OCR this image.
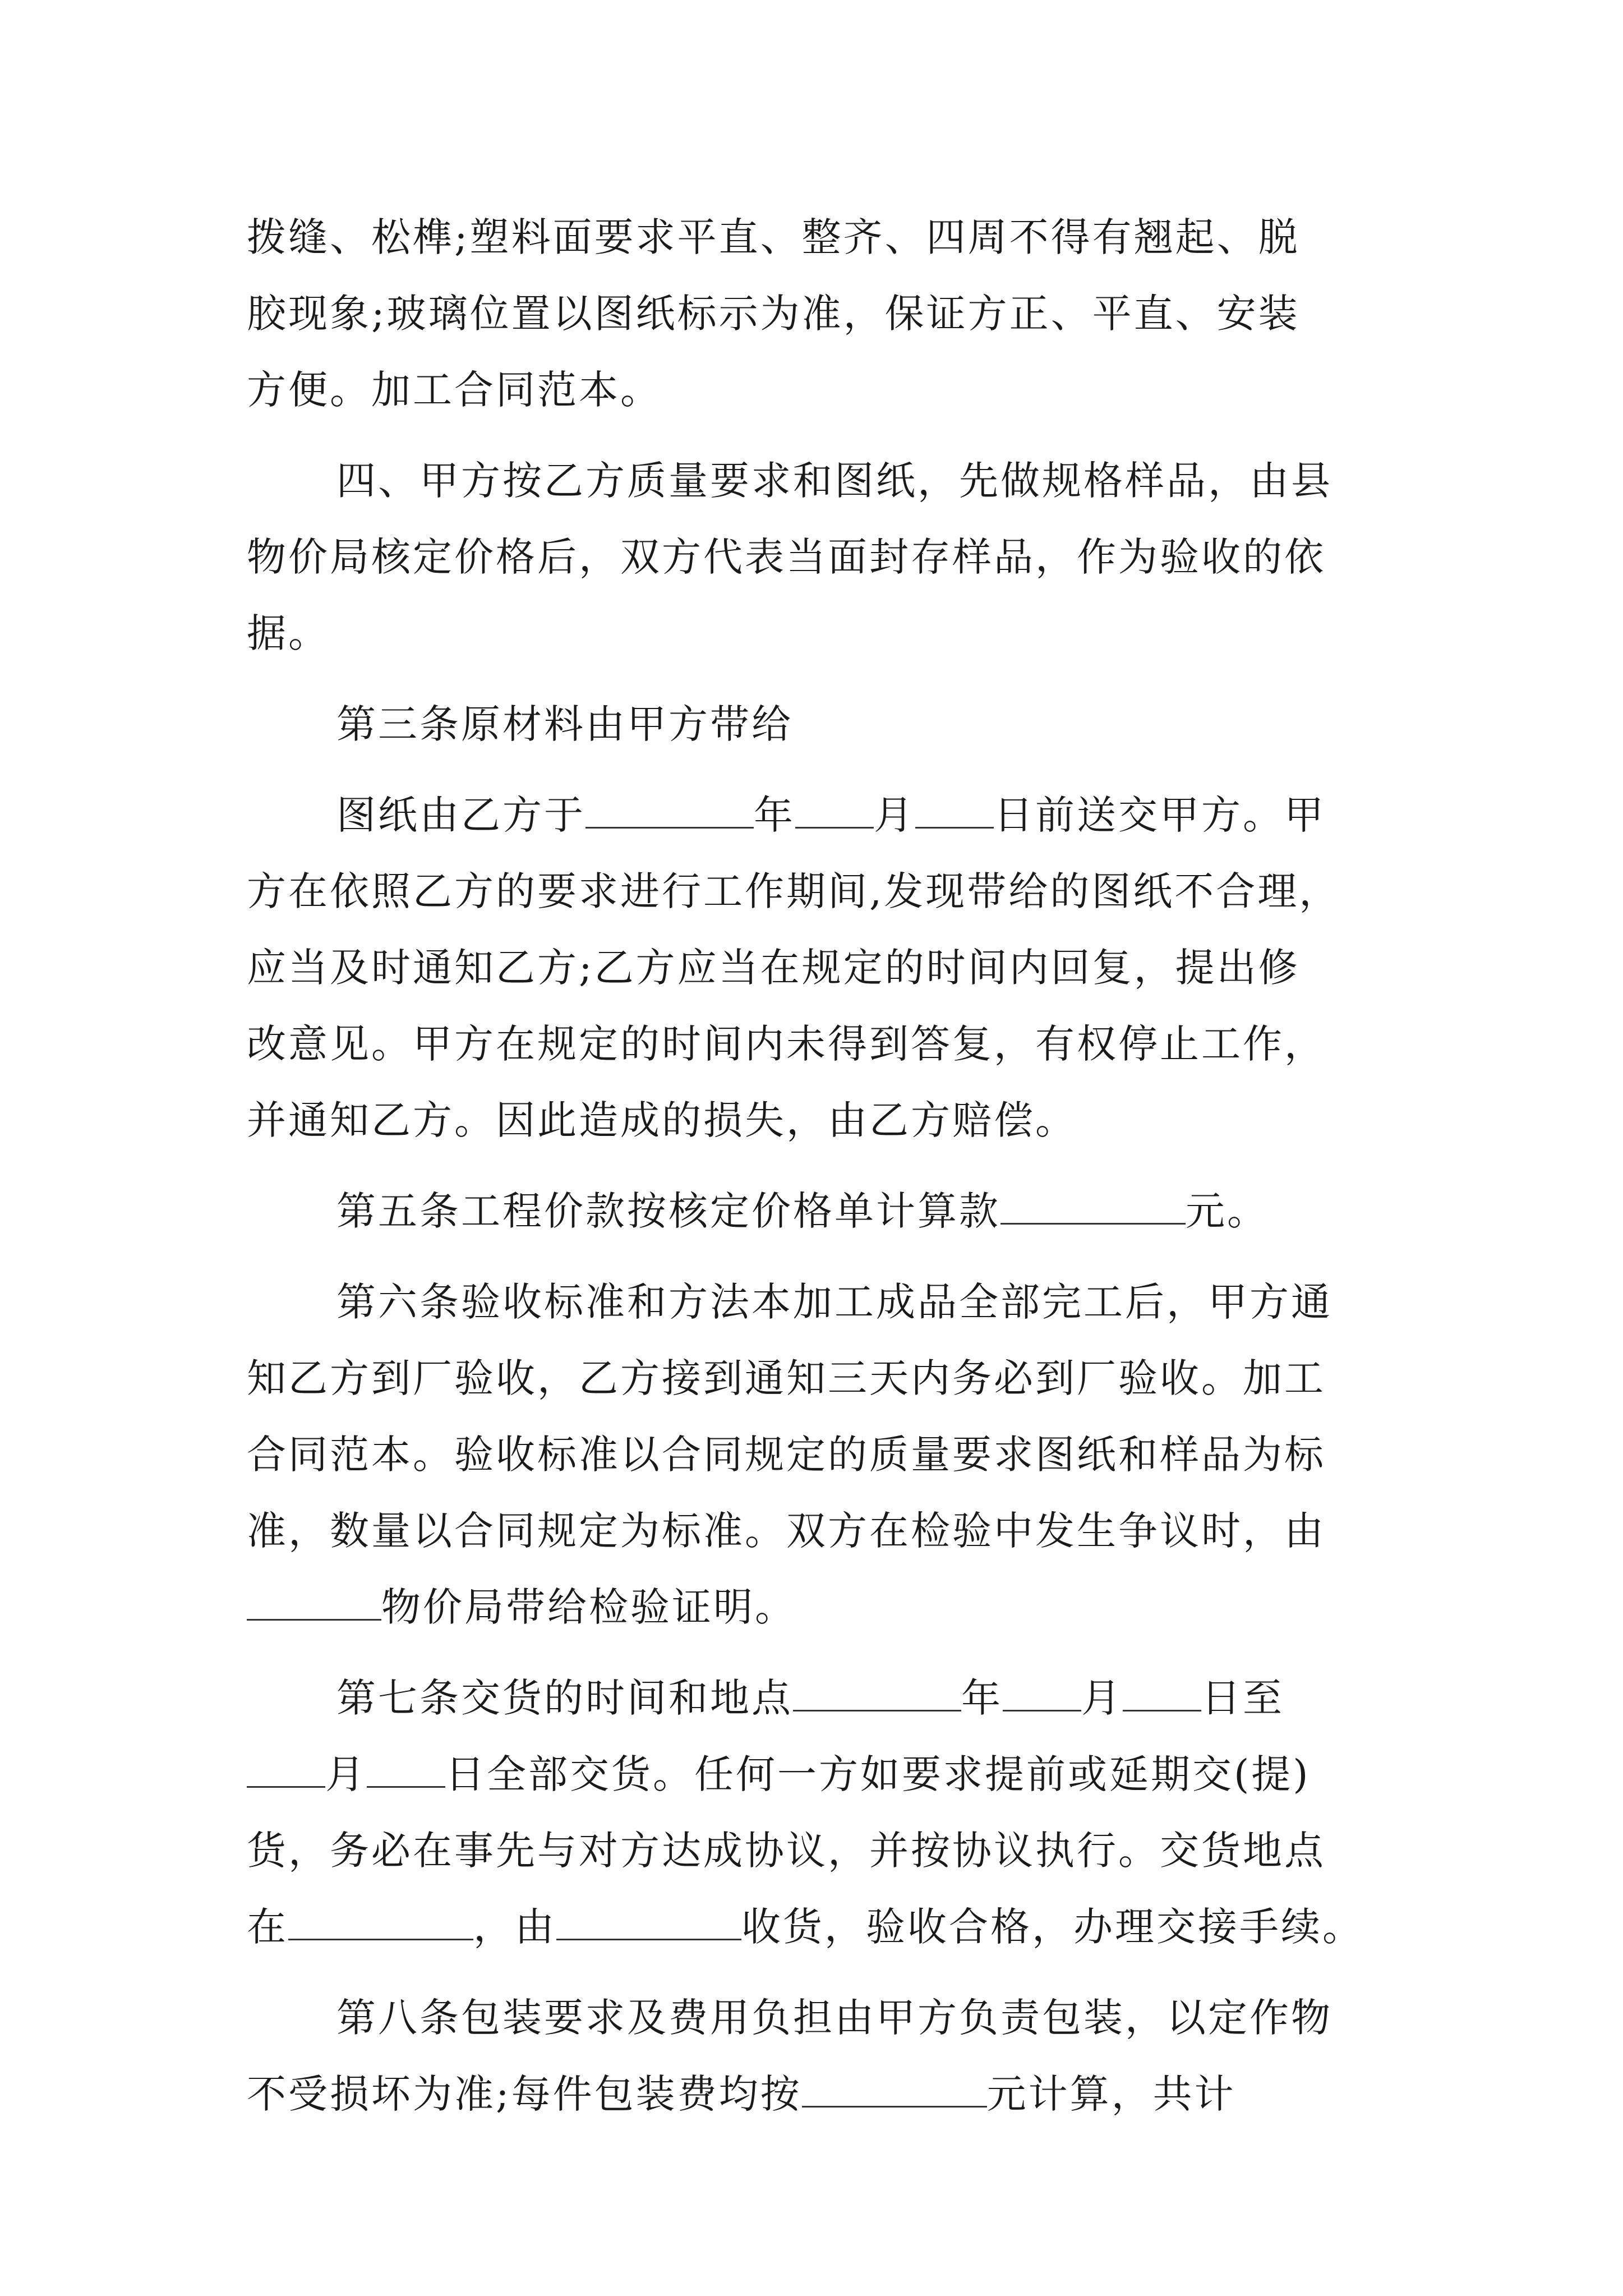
拨缝、松榫;塑料面要求平直、整齐、四周不得有翘起、脱
胶现象;玻璃位置以图纸标示为准，保证方正、平直、安装
方便。加工合同范本。
四、甲方按乙方质量要求和图纸，先做规格样品，由县
物价局核定价格后，双方代表当面封存样品，作为验收的依
据。
第三条原材料由甲方带给
图纸由乙方于	年 月 日前送交甲方。甲
方在依照乙方的要求进行工作期间,发现带给的图纸不合理，
应当及时通知乙方;乙方应当在规定的时间内回复，提出修
改意见。甲方在规定的时间内未得到答复，有权停止工作，
并通知乙方。因此造成的损失，由乙方赔偿。
第五条工程价款按核定价格单计算款	元。
第六条验收标准和方法本加工成品全部完工后，甲方通
知乙方到厂验收，乙方接到通知三天内务必到厂验收。加工
合同范本。验收标准以合同规定的质量要求图纸和样品为标
准，数量以合同规定为标准。双方在检验中发生争议时，由
物价局带给检验证明。
第七条交货的时间和地点	年 月 日至
月 日全部交货。任何一方如要求提前或延期交(提)
货，务必在事先与对方达成协议，并按协议执行。交货地点
在	，由	收货，验收合格，办理交接手续。
第八条包装要求及费用负担由甲方负责包装，以定作物
不受损坏为准;每件包装费均按	元计算，共计
